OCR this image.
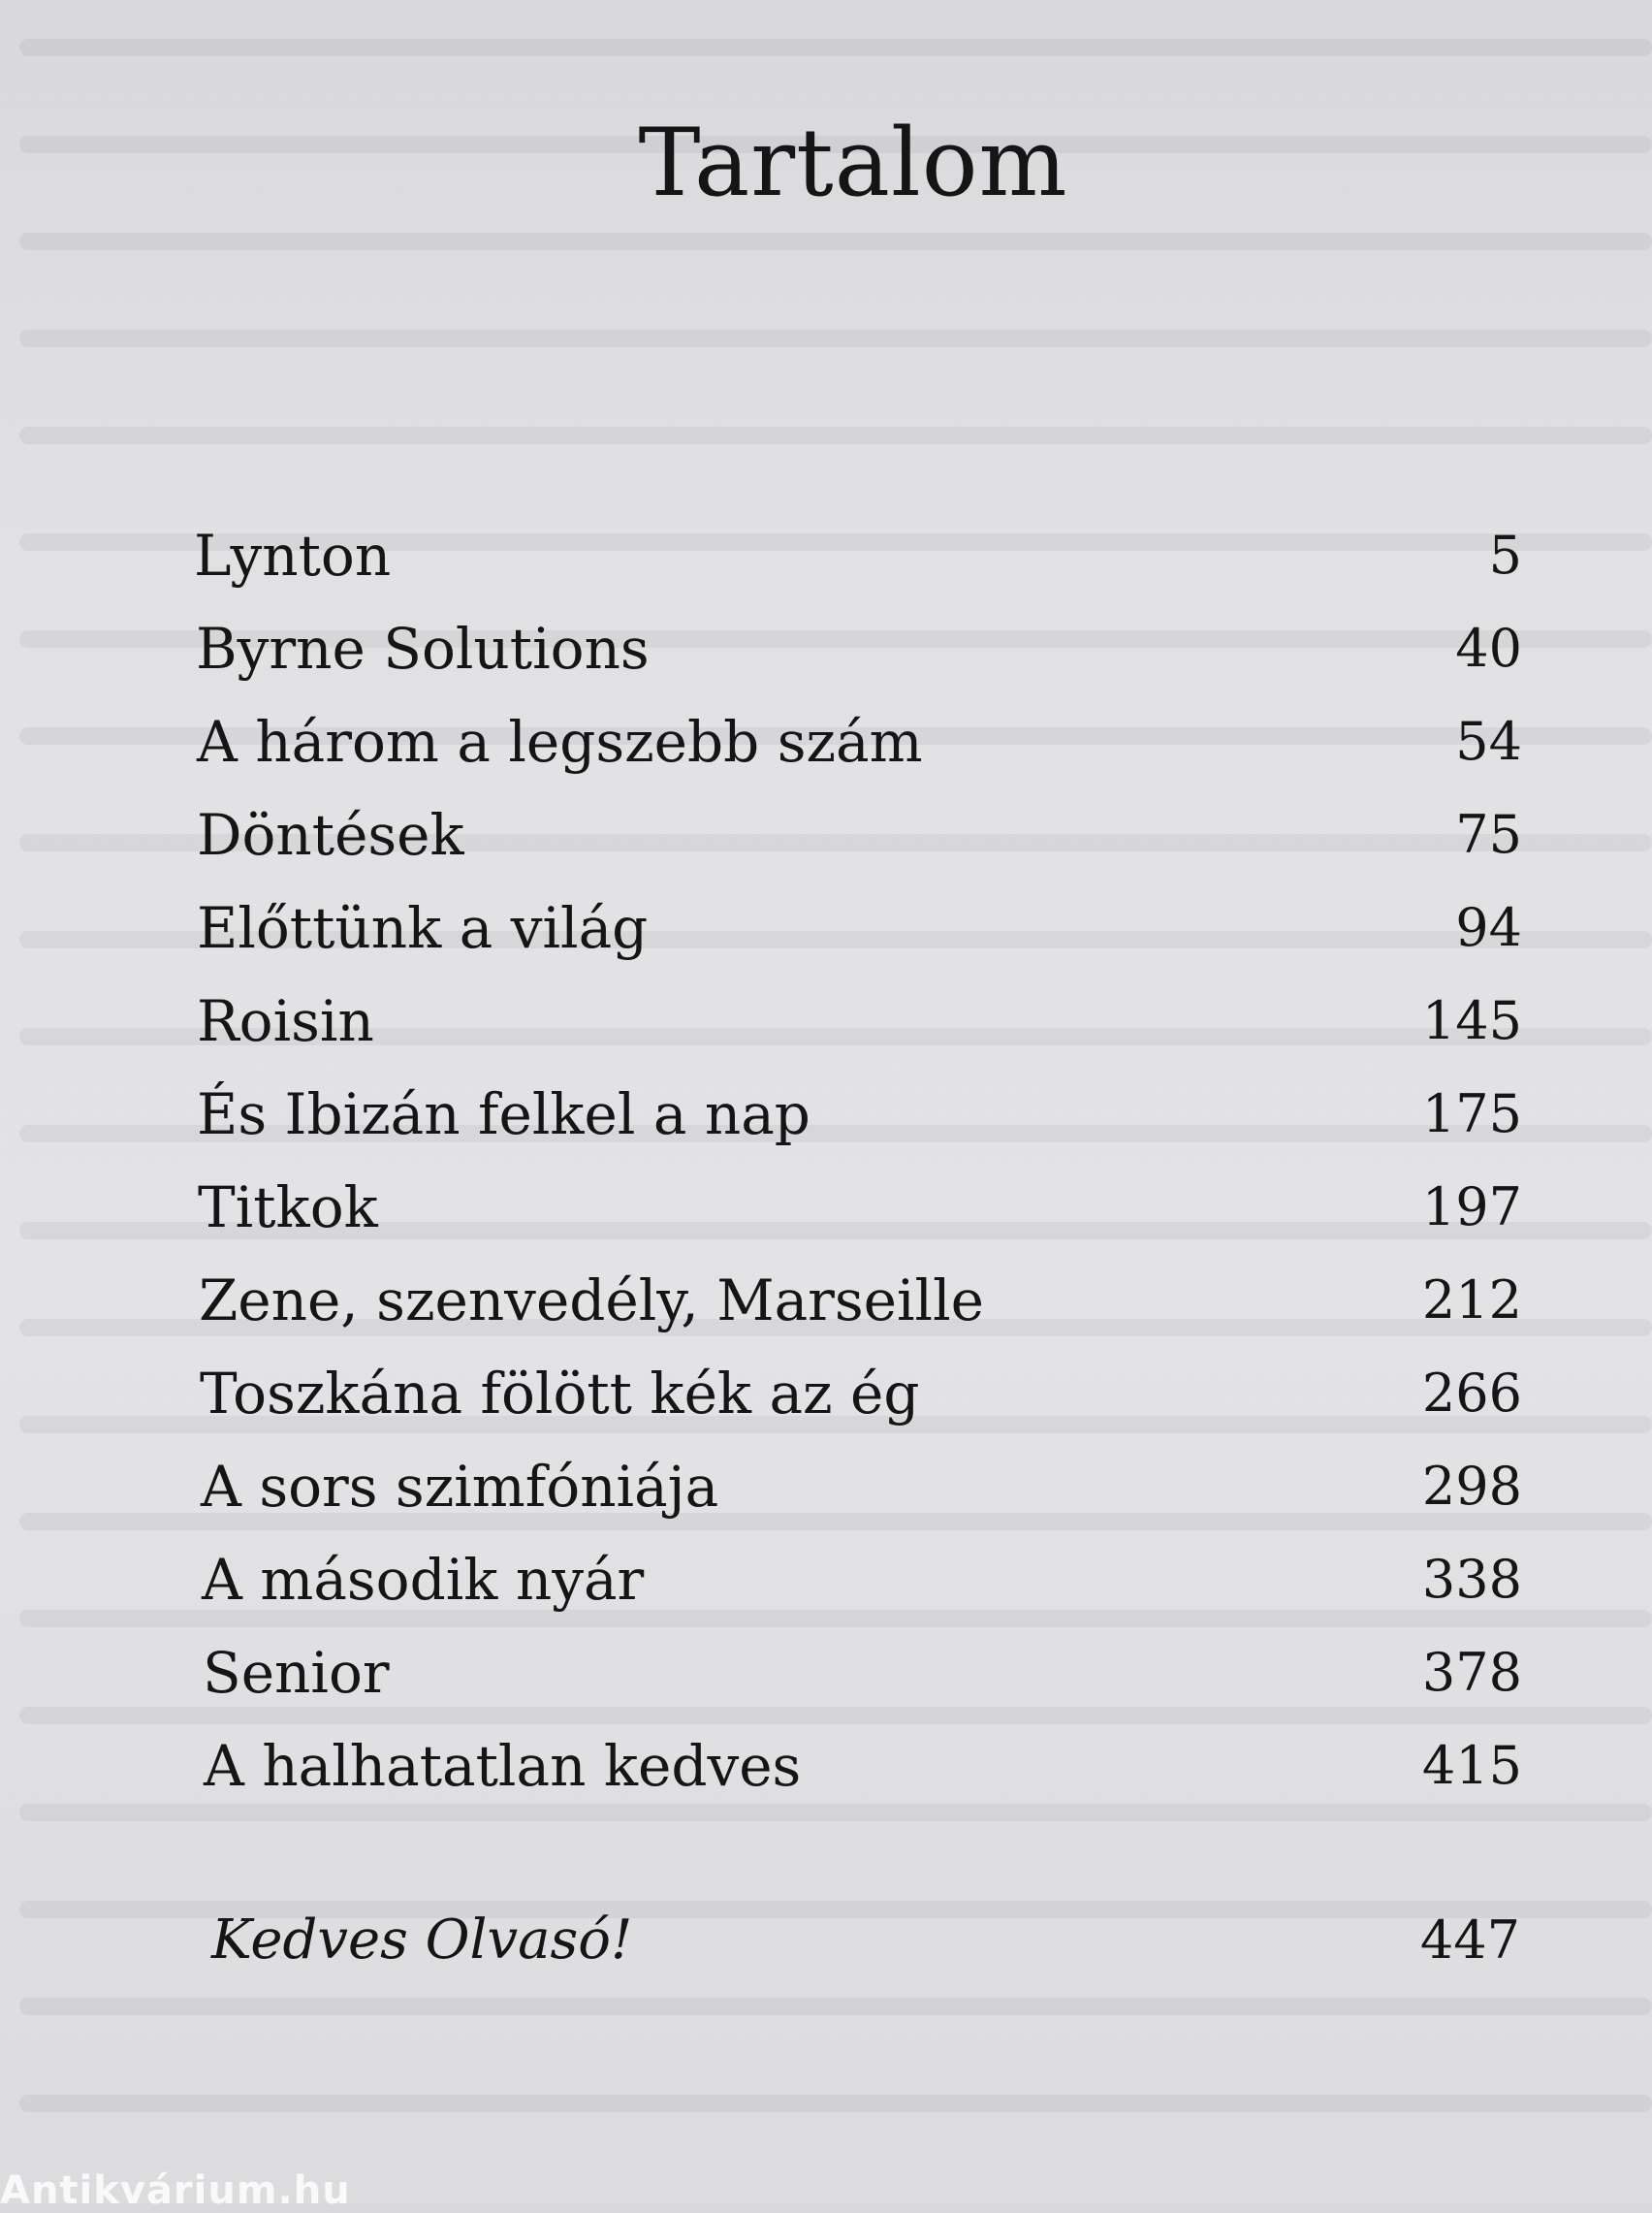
Tartalom
Lynton	5
Byrne Solutions	40
A három a legszebb szám	54
Döntések	75
Előttünk a világ	94
Roisin	145
És Ibizán felkel a nap	175
Titkok	197
Zene, szenvedély, Marseille	212
Toszkána fölött kék az ég	266
A sors szimfóniája	298
A második nyár	338
Senior	378
A halhatatlan kedves	415
Kedves Olvasó!	447
Antikvárium.hu
